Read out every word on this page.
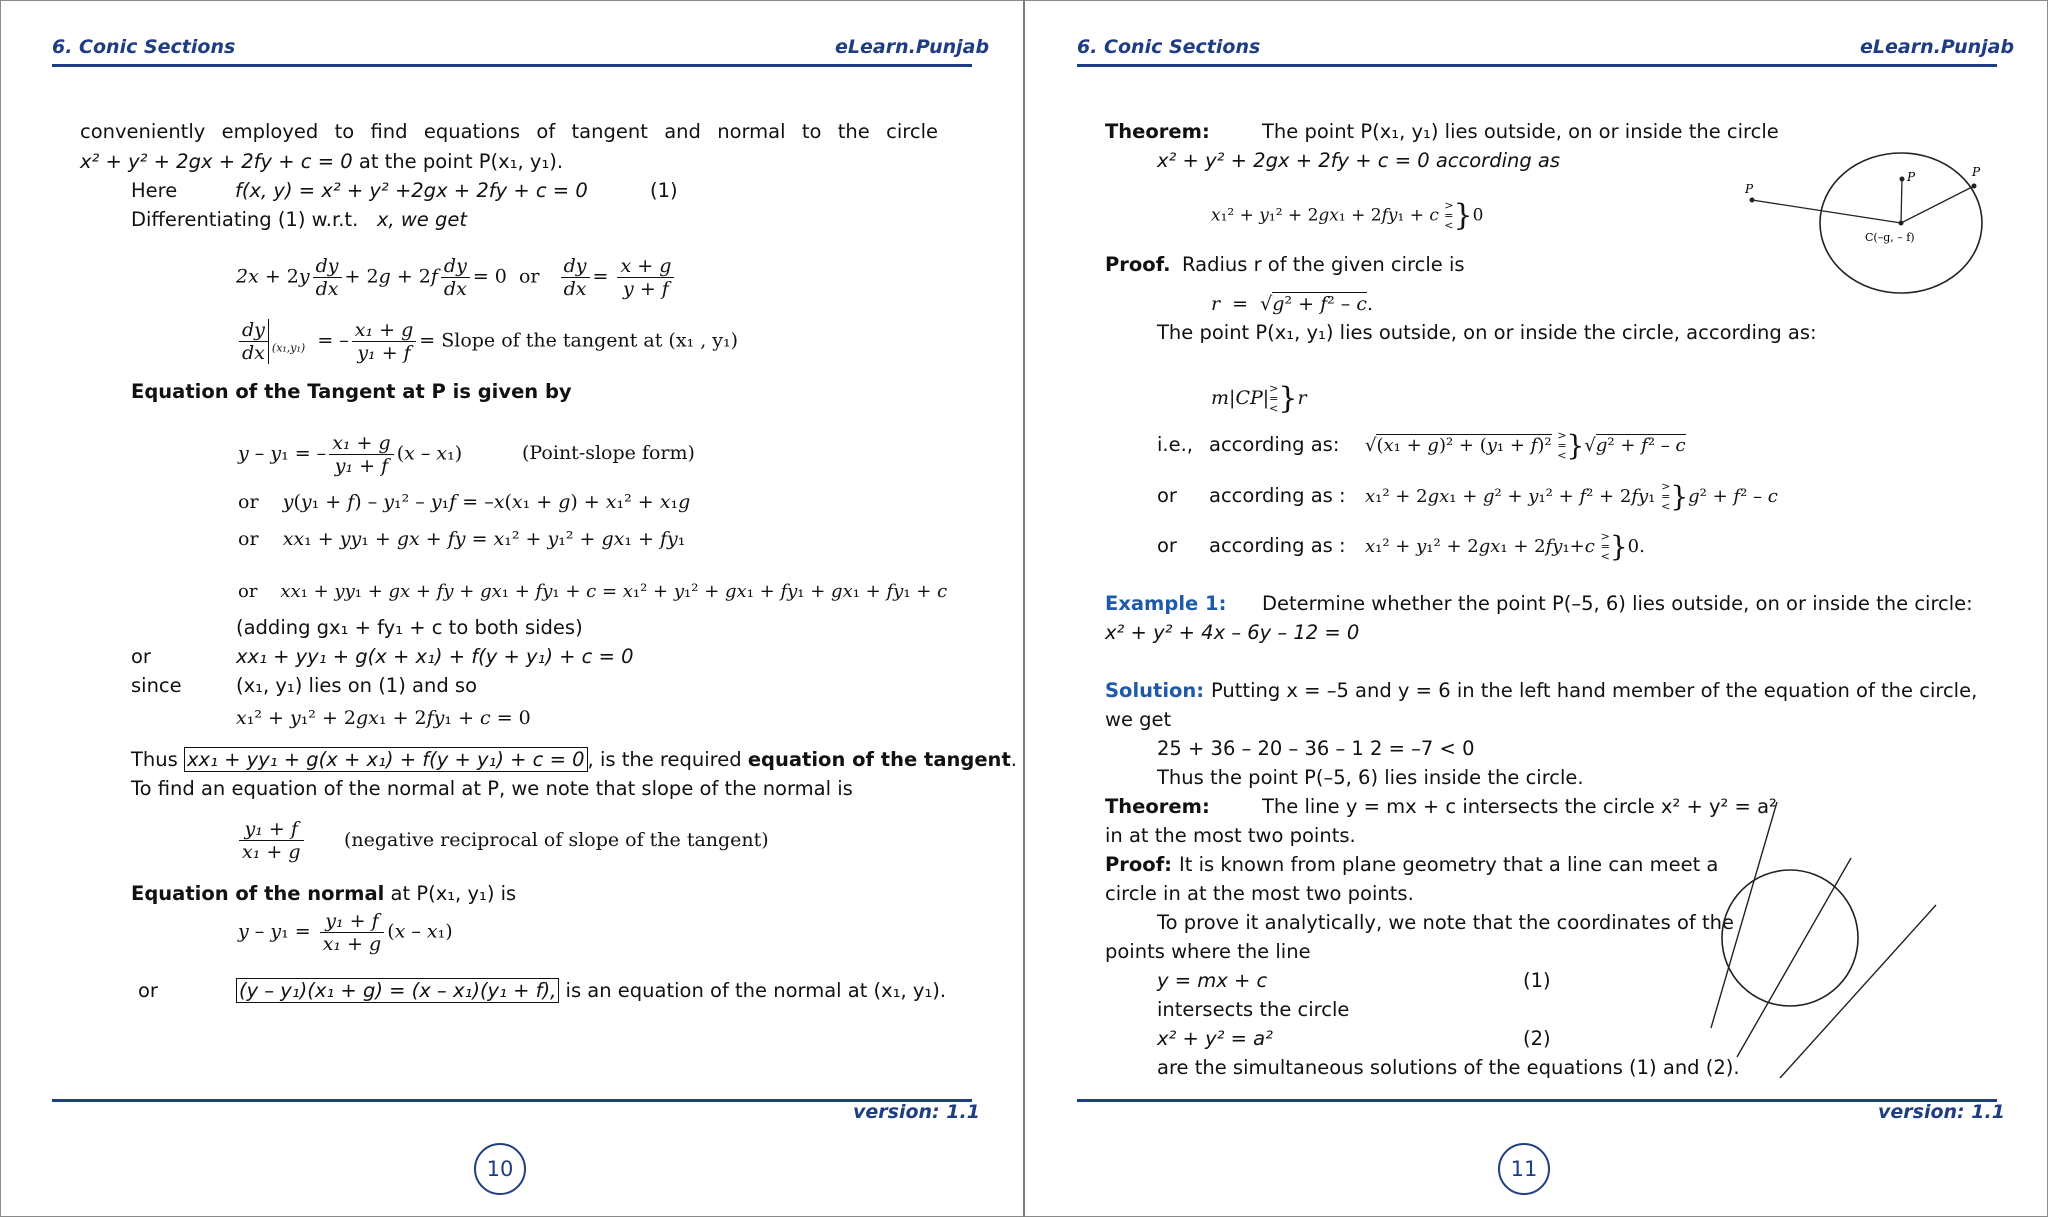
6. Conic Sections	eLearn.Punjab
conveniently employed to find equations of tangent and normal to the circle
x² + y² + 2gx + 2fy + c = 0 at the point P(x₁, y₁).
Here	f(x, y) = x² + y² +2gx + 2fy + c = 0	(1)
Differentiating (1) w.r.t. x, we get
$2x + 2y \frac{dy}{dx} + 2g + 2f \frac{dy}{dx} = 0$  or $\frac{dy}{dx} = \frac{x + g}{y + f}$
$\frac{dy}{dx} _{(x_1,y_1)}$  = – $\frac{\text{x₁ + g}}{\text{y₁ + f}}$ = Slope of the tangent at (x₁ , y₁)
Equation of the Tangent at P is given by
y – y₁ = – $\frac{\text{x₁ + g}}{\text{y₁ + f}} (x - x_1)$	(Point-slope form)
or y(y₁ + f) – y₁² – y₁f = –x(x₁ + g) + x₁² + x₁g
or xx₁ + yy₁ + gx + fy = x₁² + y₁² + gx₁ + fy₁
or xx₁ + yy₁ + gx + fy + gx₁ + fy₁ + c = x₁² + y₁² + gx₁ + fy₁ + gx₁ + fy₁ + c
(adding gx₁ + fy₁ + c to both sides)
or	xx₁ + yy₁ + g(x + x₁) + f(y + y₁) + c = 0
since	(x₁, y₁) lies on (1) and so
x₁² + y₁² + 2gx₁ + 2fy₁ + c = 0
Thus xx₁ + yy₁ + g(x + x₁) + f(y + y₁) + c = 0 , is the required equation of the tangent.
To find an equation of the normal at P, we note that slope of the normal is
$\frac{\text{y₁ + f}}{\text{x₁ + g}}$ (negative reciprocal of slope of the tangent)
Equation of the normal at P(x₁, y₁) is
$y - y_1 = \frac{\text{y₁ + f}}{\text{x₁ + g}} (x - x_1)$
or	(y – y₁)(x₁ + g) = (x – x₁)(y₁ + f), is an equation of the normal at (x₁, y₁).
version: 1.1
10
6. Conic Sections	eLearn.Punjab
Theorem:	The point P(x₁, y₁) lies outside, on or inside the circle
x² + y² + 2gx + 2fy + c = 0 according as
x₁² + y₁² + 2gx₁ + 2fy₁ + c >
=
<}0
P
P	P
C(–g, – f)
Proof. Radius r of the given circle is
r  =  √g² + f² – c.
The point P(x₁, y₁) lies outside, on or inside the circle, according as:
m|CP|>
=
<}r
i.e., according as: √(x₁ + g)² + (y₁ + f)² >
=
<}√g² + f² – c
or according as : x₁² + 2gx₁ + g² + y₁² + f² + 2fy₁ >
=
<}g² + f² – c
or according as : x₁² + y₁² + 2gx₁ + 2fy₁+c >
=
<}0.
Example 1: Determine whether the point P(–5, 6) lies outside, on or inside the circle:
x² + y² + 4x – 6y – 12 = 0
Solution: Putting x = –5 and y = 6 in the left hand member of the equation of the circle,
we get
25 + 36 – 20 – 36 – 1 2 = –7 < 0
Thus the point P(–5, 6) lies inside the circle.
Theorem:	The line y = mx + c intersects the circle x² + y² = a²
in at the most two points.
Proof: It is known from plane geometry that a line can meet a
circle in at the most two points.
To prove it analytically, we note that the coordinates of the
points where the line
y = mx + c	(1)
intersects the circle
x² + y² = a²	(2)
are the simultaneous solutions of the equations (1) and (2).
version: 1.1
11
